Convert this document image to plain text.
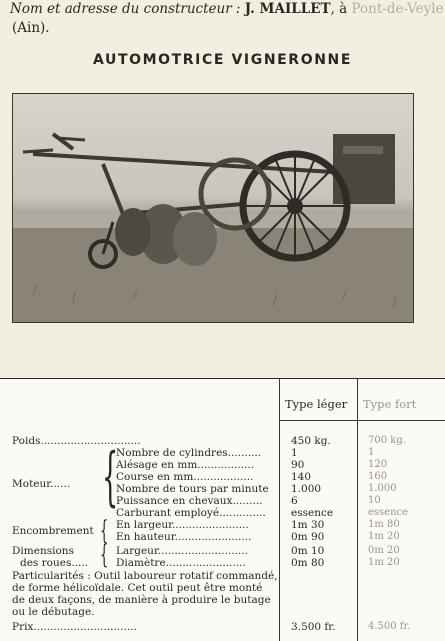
Nom et adresse du constructeur : J. MAILLET, à Pont-de-Veyle
(Ain).
AUTOMOTRICE VIGNERONNE
Type léger Type fort
Poids..............................	450 kg.	700 kg.
Moteur...... {
Nombre de cylindres..........	1	1
Alésage en mm.................	90	120
Course en mm..................	140	160
Nombre de tours par minute 1.000	1.000
Puissance en chevaux.........	6	10
Carburant employé.............. essence	essence
Encombrement { En largeur.......................	1m 30	1m 80
En hauteur.......................	0m 90	1m 20
Dimensions
des roues..... { Largeur...........................	0m 10	0m 20
Diamètre........................	0m 80	1m 20
Particularités : Outil laboureur rotatif commandé, de forme hélicoïdale. Cet outil peut être monté de deux façons, de manière à produire le butage ou le débutage.
Prix...............................	3.500 fr.	4.500 fr.
